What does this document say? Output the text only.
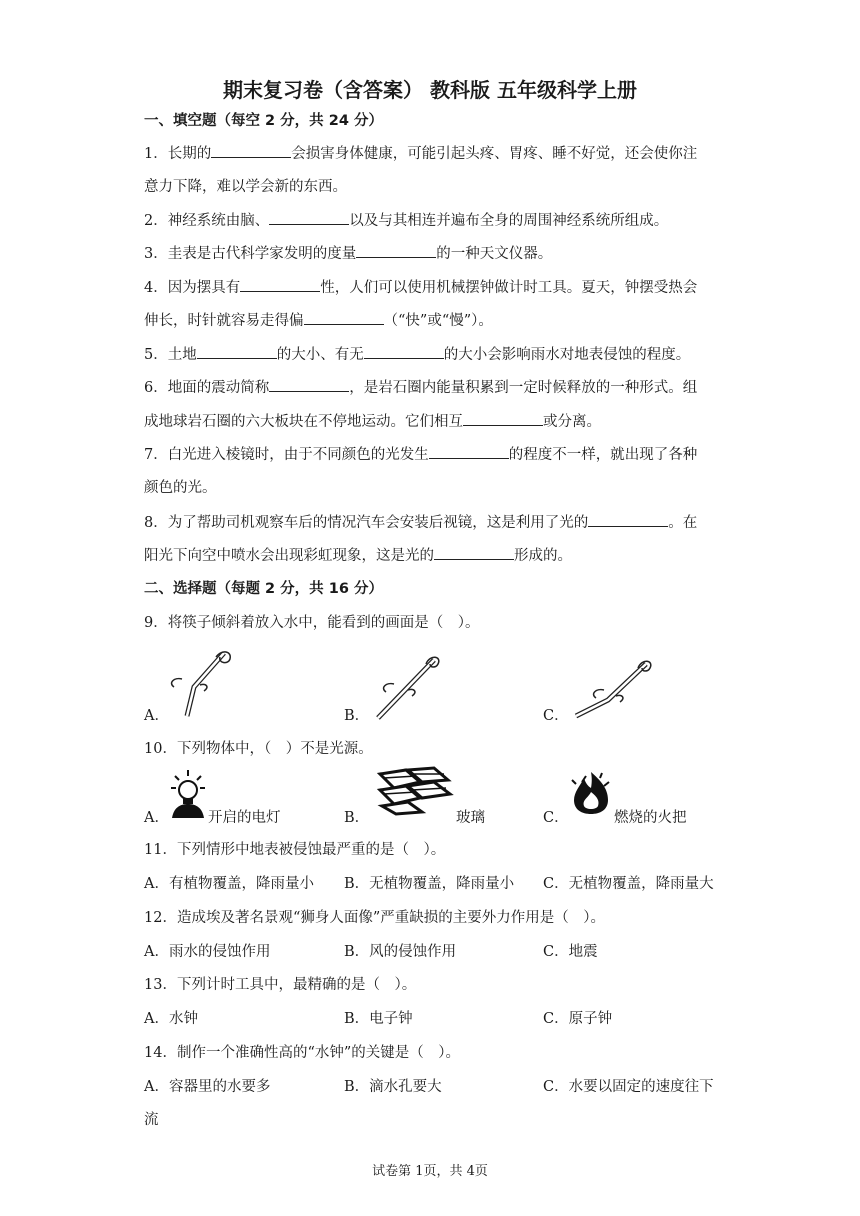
期末复习卷（含答案） 教科版 五年级科学上册
一、填空题（每空 2 分，共 24 分）
1．长期的	会损害身体健康，可能引起头疼、胃疼、睡不好觉，还会使你注
意力下降，难以学会新的东西。
2．神经系统由脑、	以及与其相连并遍布全身的周围神经系统所组成。
3．圭表是古代科学家发明的度量	的一种天文仪器。
4．因为摆具有	性，人们可以使用机械摆钟做计时工具。夏天，钟摆受热会
伸长，时针就容易走得偏	（“快”或“慢”）。
5．土地	的大小、有无	的大小会影响雨水对地表侵蚀的程度。
6．地面的震动简称	，是岩石圈内能量积累到一定时候释放的一种形式。组
成地球岩石圈的六大板块在不停地运动。它们相互	或分离。
7．白光进入棱镜时，由于不同颜色的光发生	的程度不一样，就出现了各种
颜色的光。
8．为了帮助司机观察车后的情况汽车会安装后视镜，这是利用了光的	。在
阳光下向空中喷水会出现彩虹现象，这是光的	形成的。
二、选择题（每题 2 分，共 16 分）
9．将筷子倾斜着放入水中，能看到的画面是（　）。
A．	B．	C．
10．下列物体中，（　）不是光源。
A．	开启的电灯	B．	玻璃	C．	燃烧的火把
11．下列情形中地表被侵蚀最严重的是（　）。
A．有植物覆盖，降雨量小 B．无植物覆盖，降雨量小 C．无植物覆盖，降雨量大
12．造成埃及著名景观“狮身人面像”严重缺损的主要外力作用是（　）。
A．雨水的侵蚀作用	B．风的侵蚀作用	C．地震
13．下列计时工具中，最精确的是（　）。
A．水钟	B．电子钟	C．原子钟
14．制作一个准确性高的“水钟”的关键是（　）。
A．容器里的水要多	B．滴水孔要大	C．水要以固定的速度往下
流
试卷第 1页，共 4页
